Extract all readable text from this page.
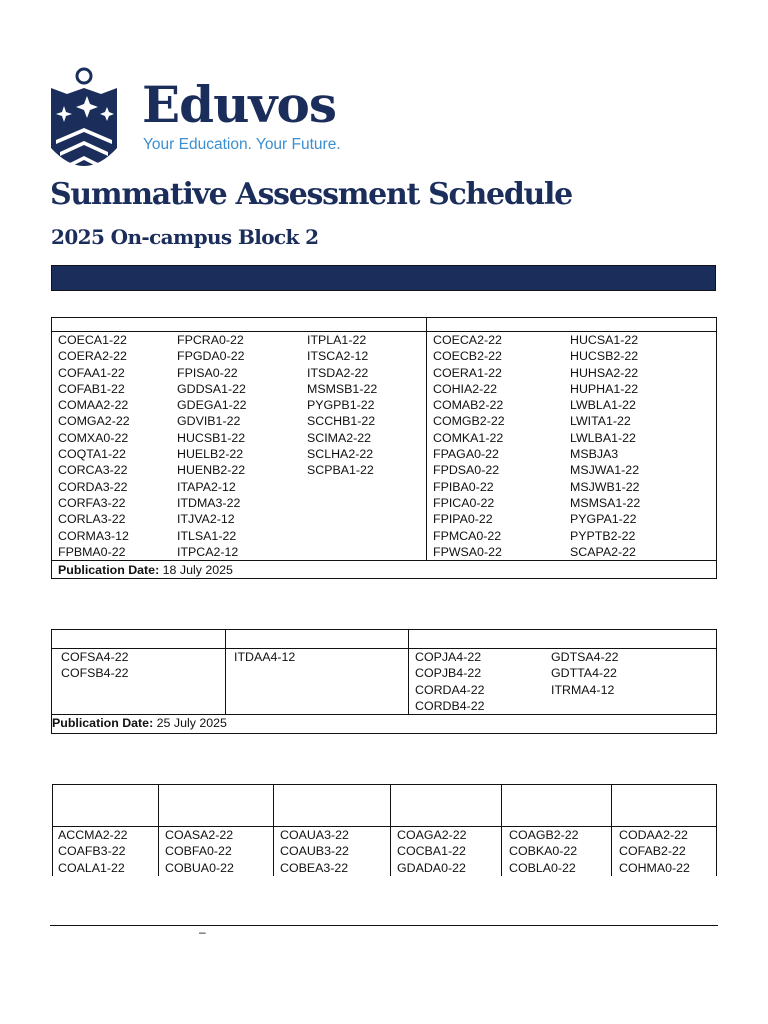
Eduvos
Your Education. Your Future.
Summative Assessment Schedule
2025 On-campus Block 2
COECA1-22
COERA2-22
COFAA1-22
COFAB1-22
COMAA2-22
COMGA2-22
COMXA0-22
COQTA1-22
CORCA3-22
CORDA3-22
CORFA3-22
CORLA3-22
CORMA3-12
FPBMA0-22
FPCRA0-22
FPGDA0-22
FPISA0-22
GDDSA1-22
GDEGA1-22
GDVIB1-22
HUCSB1-22
HUELB2-22
HUENB2-22
ITAPA2-12
ITDMA3-22
ITJVA2-12
ITLSA1-22
ITPCA2-12
ITPLA1-22
ITSCA2-12
ITSDA2-22
MSMSB1-22
PYGPB1-22
SCCHB1-22
SCIMA2-22
SCLHA2-22
SCPBA1-22
COECA2-22
COECB2-22
COERA1-22
COHIA2-22
COMAB2-22
COMGB2-22
COMKA1-22
FPAGA0-22
FPDSA0-22
FPIBA0-22
FPICA0-22
FPIPA0-22
FPMCA0-22
FPWSA0-22
HUCSA1-22
HUCSB2-22
HUHSA2-22
HUPHA1-22
LWBLA1-22
LWITA1-22
LWLBA1-22
MSBJA3
MSJWA1-22
MSJWB1-22
MSMSA1-22
PYGPA1-22
PYPTB2-22
SCAPA2-22
Publication Date: 18 July 2025
COFSA4-22
COFSB4-22
ITDAA4-12	COPJA4-22
COPJB4-22
CORDA4-22
CORDB4-22
GDTSA4-22
GDTTA4-22
ITRMA4-12
Publication Date: 25 July 2025
ACCMA2-22
COAFB3-22
COALA1-22
COASA2-22
COBFA0-22
COBUA0-22
COAUA3-22
COAUB3-22
COBEA3-22
COAGA2-22
COCBA1-22
GDADA0-22
COAGB2-22
COBKA0-22
COBLA0-22
CODAA2-22
COFAB2-22
COHMA0-22
–
